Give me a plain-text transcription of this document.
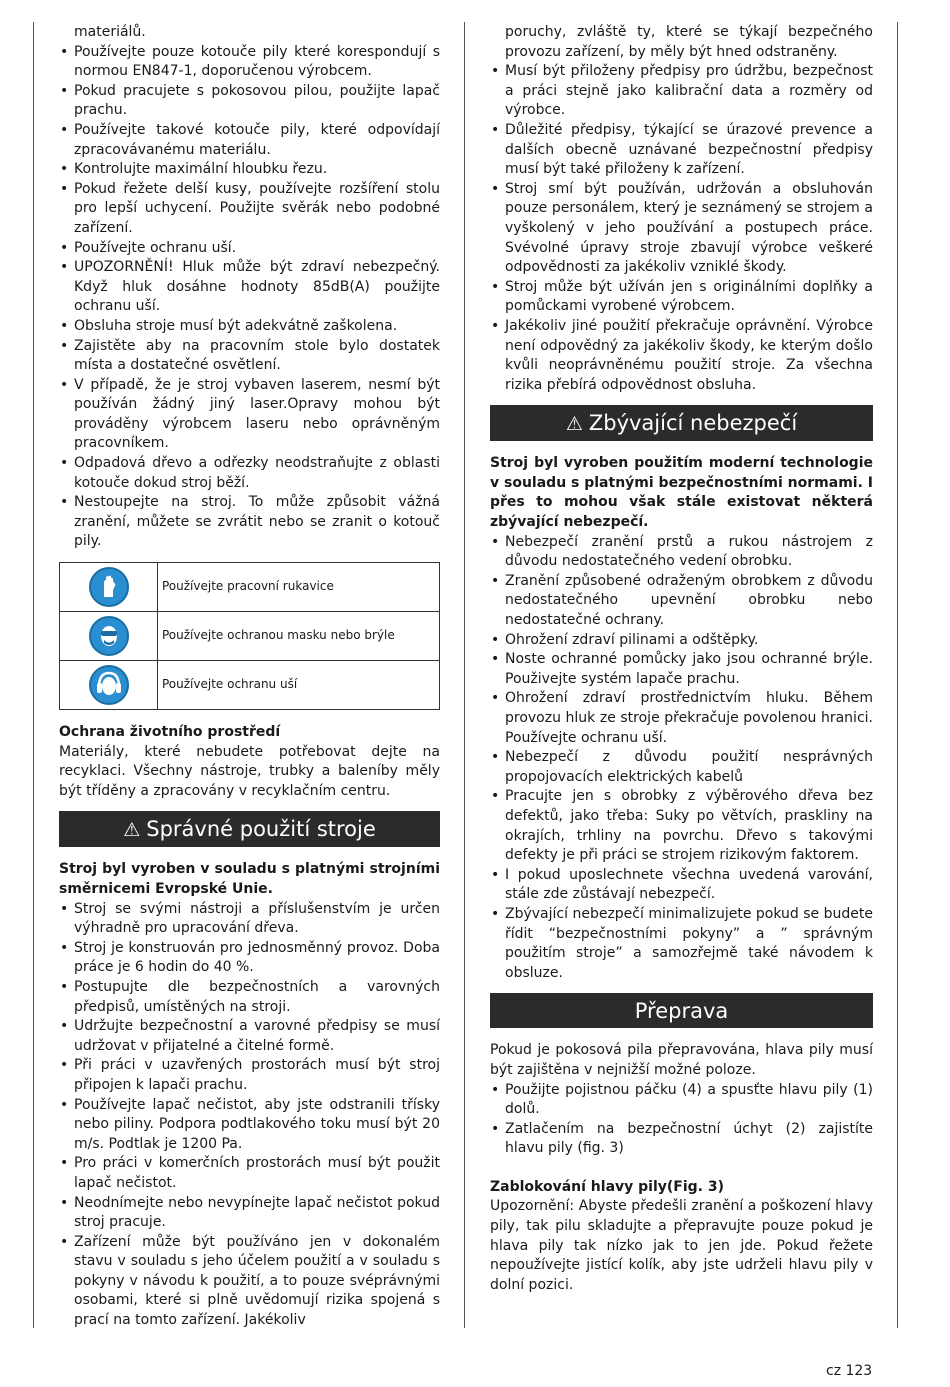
materiálů.

• Používejte pouze kotouče pily které korespondují s normou EN847-1, doporučenou výrobcem.
• Pokud pracujete s pokosovou pilou, použijte lapač prachu.
• Používejte takové kotouče pily, které odpovídají zpracovávanému materiálu.
• Kontrolujte maximální hloubku řezu.
• Pokud řežete delší kusy, používejte rozšíření stolu pro lepší uchycení. Použijte svěrák nebo podobné zařízení.
• Používejte ochranu uší.
• UPOZORNĚNÍ! Hluk může být zdraví nebezpečný. Když hluk dosáhne hodnoty 85dB(A) použijte ochranu uší.
• Obsluha stroje musí být adekvátně zaškolena.
• Zajistěte aby na pracovním stole bylo dostatek místa a dostatečné osvětlení.
• V případě, že je stroj vybaven laserem, nesmí být používán žádný jiný laser.Opravy mohou být prováděny výrobcem laseru nebo oprávněným pracovníkem.
• Odpadová dřevo a odřezky neodstraňujte z oblasti kotouče dokud stroj běží.
• Nestoupejte na stroj. To může způsobit vážná zranění, můžete se zvrátit nebo se zranit o kotouč pily.
	Používejte pracovní rukavice

	Používejte ochranou masku nebo brýle

	Používejte ochranu uší

Ochrana životního prostředí

Materiály, které nebudete potřebovat dejte na recyklaci. Všechny nástroje, trubky a baleníby měly být tříděny a zpracovány v recyklačním centru.

⚠ Správné použití stroje

Stroj byl vyroben v souladu s platnými strojními směrnicemi Evropské Unie.

• Stroj se svými nástroji a příslušenstvím je určen výhradně pro upracování dřeva.
• Stroj je konstruován pro jednosměnný provoz. Doba práce je 6 hodin do 40 %.
• Postupujte dle bezpečnostních a varovných předpisů, umístěných na stroji.
• Udržujte bezpečnostní a varovné předpisy se musí udržovat v přijatelné a čitelné formě.
• Při práci v uzavřených prostorách musí být stroj připojen k lapači prachu.
• Používejte lapač nečistot, aby jste odstranili třísky nebo piliny. Podpora podtlakového toku musí být 20 m/s. Podtlak je 1200 Pa.
• Pro práci v komerčních prostorách musí být použit lapač nečistot.
• Neodnímejte nebo nevypínejte lapač nečistot pokud stroj pracuje.
• Zařízení může být používáno jen v dokonalém stavu v souladu s jeho účelem použití a v souladu s pokyny v návodu k použití, a to pouze svéprávnými osobami, které si plně uvědomují rizika spojená s prací na tomto zařízení. Jakékoliv

poruchy, zvláště ty, které se týkají bezpečného provozu zařízení, by měly být hned odstraněny.

• Musí být přiloženy předpisy pro údržbu, bezpečnost a práci stejně jako kalibrační data a rozměry od výrobce.
• Důležité předpisy, týkající se úrazové prevence a dalších obecně uznávané bezpečnostní předpisy musí být také přiloženy k zařízení.
• Stroj smí být používán, udržován a obsluhován pouze personálem, který je seznámený se strojem a vyškolený v jeho používání a postupech práce. Svévolné úpravy stroje zbavují výrobce veškeré odpovědnosti za jakékoliv vzniklé škody.
• Stroj může být užíván jen s originálními doplňky a pomůckami vyrobené výrobcem.
• Jakékoliv jiné použití překračuje oprávnění. Výrobce není odpovědný za jakékoliv škody, ke kterým došlo kvůli neoprávněnému použití stroje. Za všechna rizika přebírá odpovědnost obsluha.
⚠ Zbývající nebezpečí

Stroj byl vyroben použitím moderní technologie v souladu s platnými bezpečnostními normami. I přes to mohou však stále existovat některá zbývající nebezpečí.

• Nebezpečí zranění prstů a rukou nástrojem z důvodu nedostatečného vedení obrobku.
• Zranění způsobené odraženým obrobkem z důvodu nedostatečného upevnění obrobku nebo nedostatečné ochrany.
• Ohrožení zdraví pilinami a odštěpky.
• Noste ochranné pomůcky jako jsou ochranné brýle. Použivejte systém lapače prachu.
• Ohrožení zdraví prostřednictvím hluku. Během provozu hluk ze stroje překračuje povolenou hranici. Používejte ochranu uší.
• Nebezpečí z důvodu použití nesprávných propojovacích elektrických kabelů
• Pracujte jen s obrobky z výběrového dřeva bez defektů, jako třeba: Suky po větvích, praskliny na okrajích, trhliny na povrchu. Dřevo s takovými defekty je při práci se strojem rizikovým faktorem.
• I pokud uposlechnete všechna uvedená varování, stále zde zůstávají nebezpečí.
• Zbývající nebezpečí minimalizujete pokud se budete řídit “bezpečnostními pokyny” a ” správným použitím stroje” a samozřejmě také návodem k obsluze.
Přeprava

Pokud je pokosová pila přepravována, hlava pily musí být zajištěna v nejnižší možné poloze.

• Použijte pojistnou páčku (4) a spusťte hlavu pily (1) dolů.
• Zatlačením na bezpečnostní úchyt (2) zajistíte hlavu pily (fig. 3)

Zablokování hlavy pily(Fig. 3)

Upozornění: Abyste předešli zranění a poškození hlavy pily, tak pilu skladujte a přepravujte pouze pokud je hlava pily tak nízko jak to jen jde. Pokud řežete nepoužívejte jistící kolík, aby jste udrželi hlavu pily v dolní pozici.

cz 123
